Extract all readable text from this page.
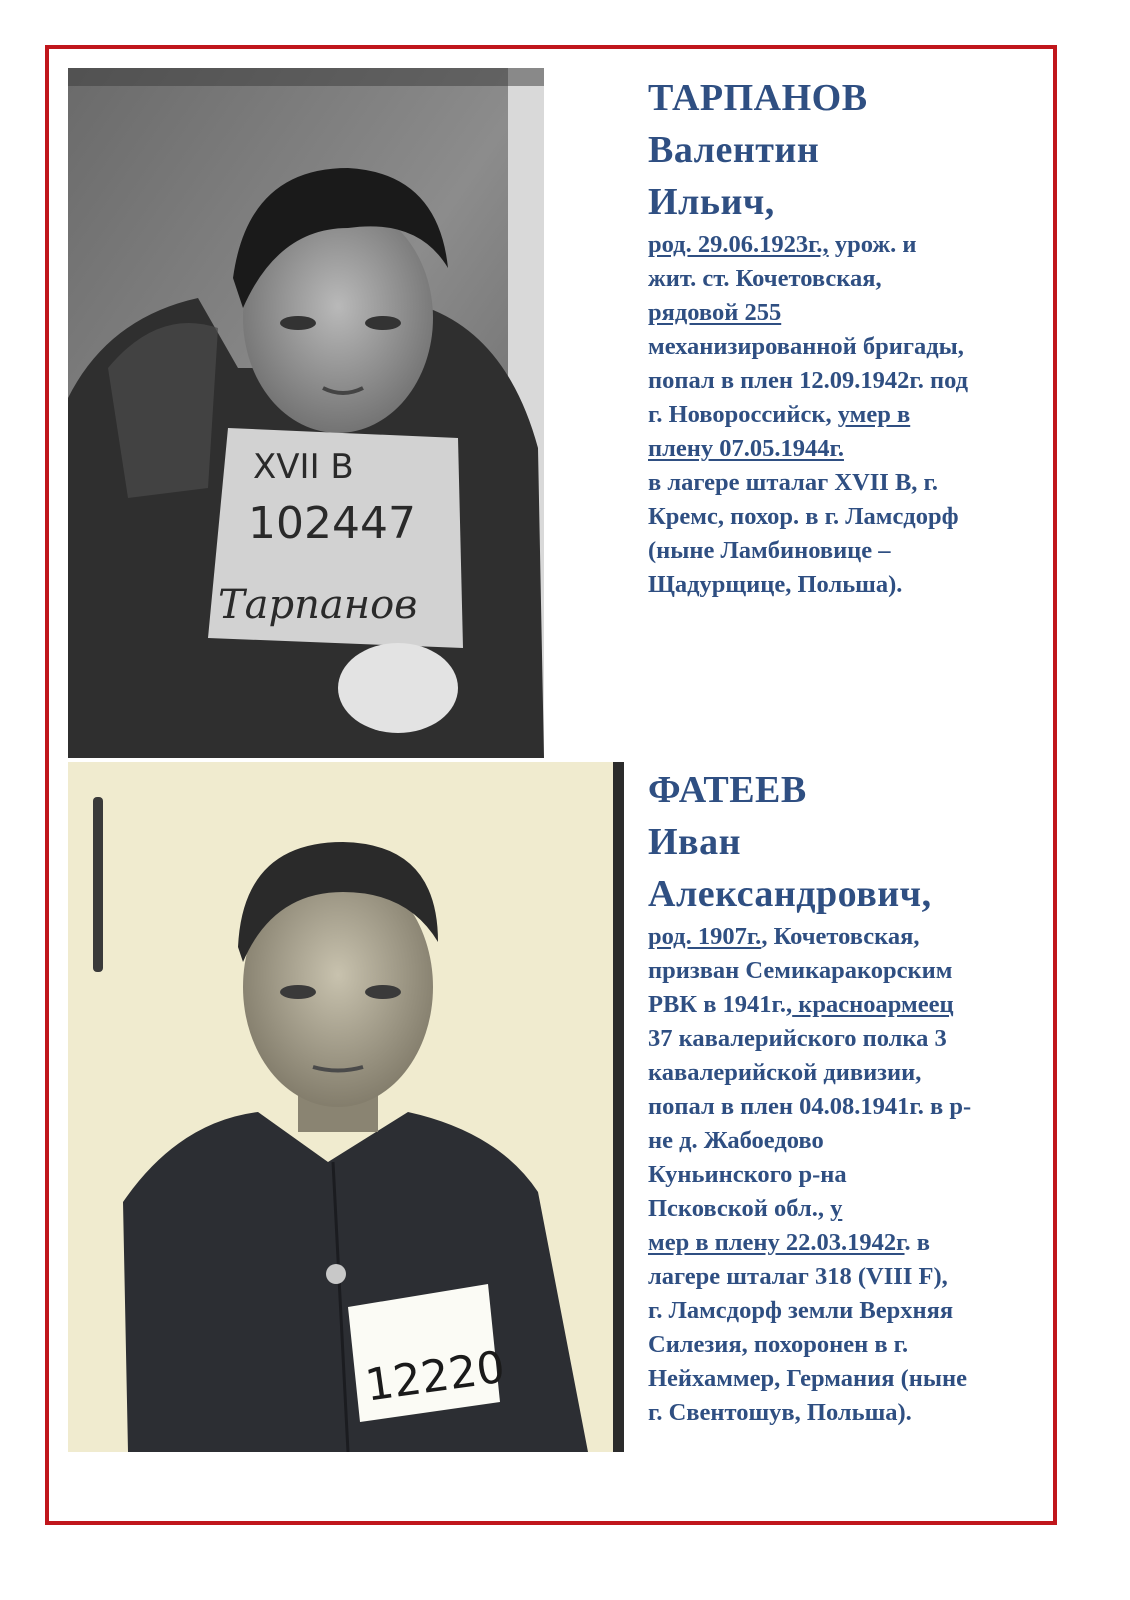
XVII B
102447
Тарпанов
12220
ТАРПАНОВ
Валентин
Ильич,
род. 29.06.1923г., урож. и
жит. ст. Кочетовская,
рядовой 255
механизированной бригады,
попал в плен 12.09.1942г. под
г. Новороссийск, умер в
плену 07.05.1944г.
в лагере шталаг XVII B, г.
Кремс, похор. в г. Ламсдорф
(ныне Ламбиновице –
Щадурщице, Польша).
ФАТЕЕВ
Иван
Александрович,
род. 1907г., Кочетовская,
призван Семикаракорским
РВК в 1941г., красноармеец
37 кавалерийского полка 3
кавалерийской дивизии,
попал в плен 04.08.1941г. в р-
не д. Жабоедово
Куньинского р-на
Псковской обл., у
мер в плену 22.03.1942г. в
лагере шталаг 318 (VIII F),
г. Ламсдорф земли Верхняя
Силезия, похоронен в г.
Нейхаммер, Германия (ныне
г. Свентошув, Польша).
